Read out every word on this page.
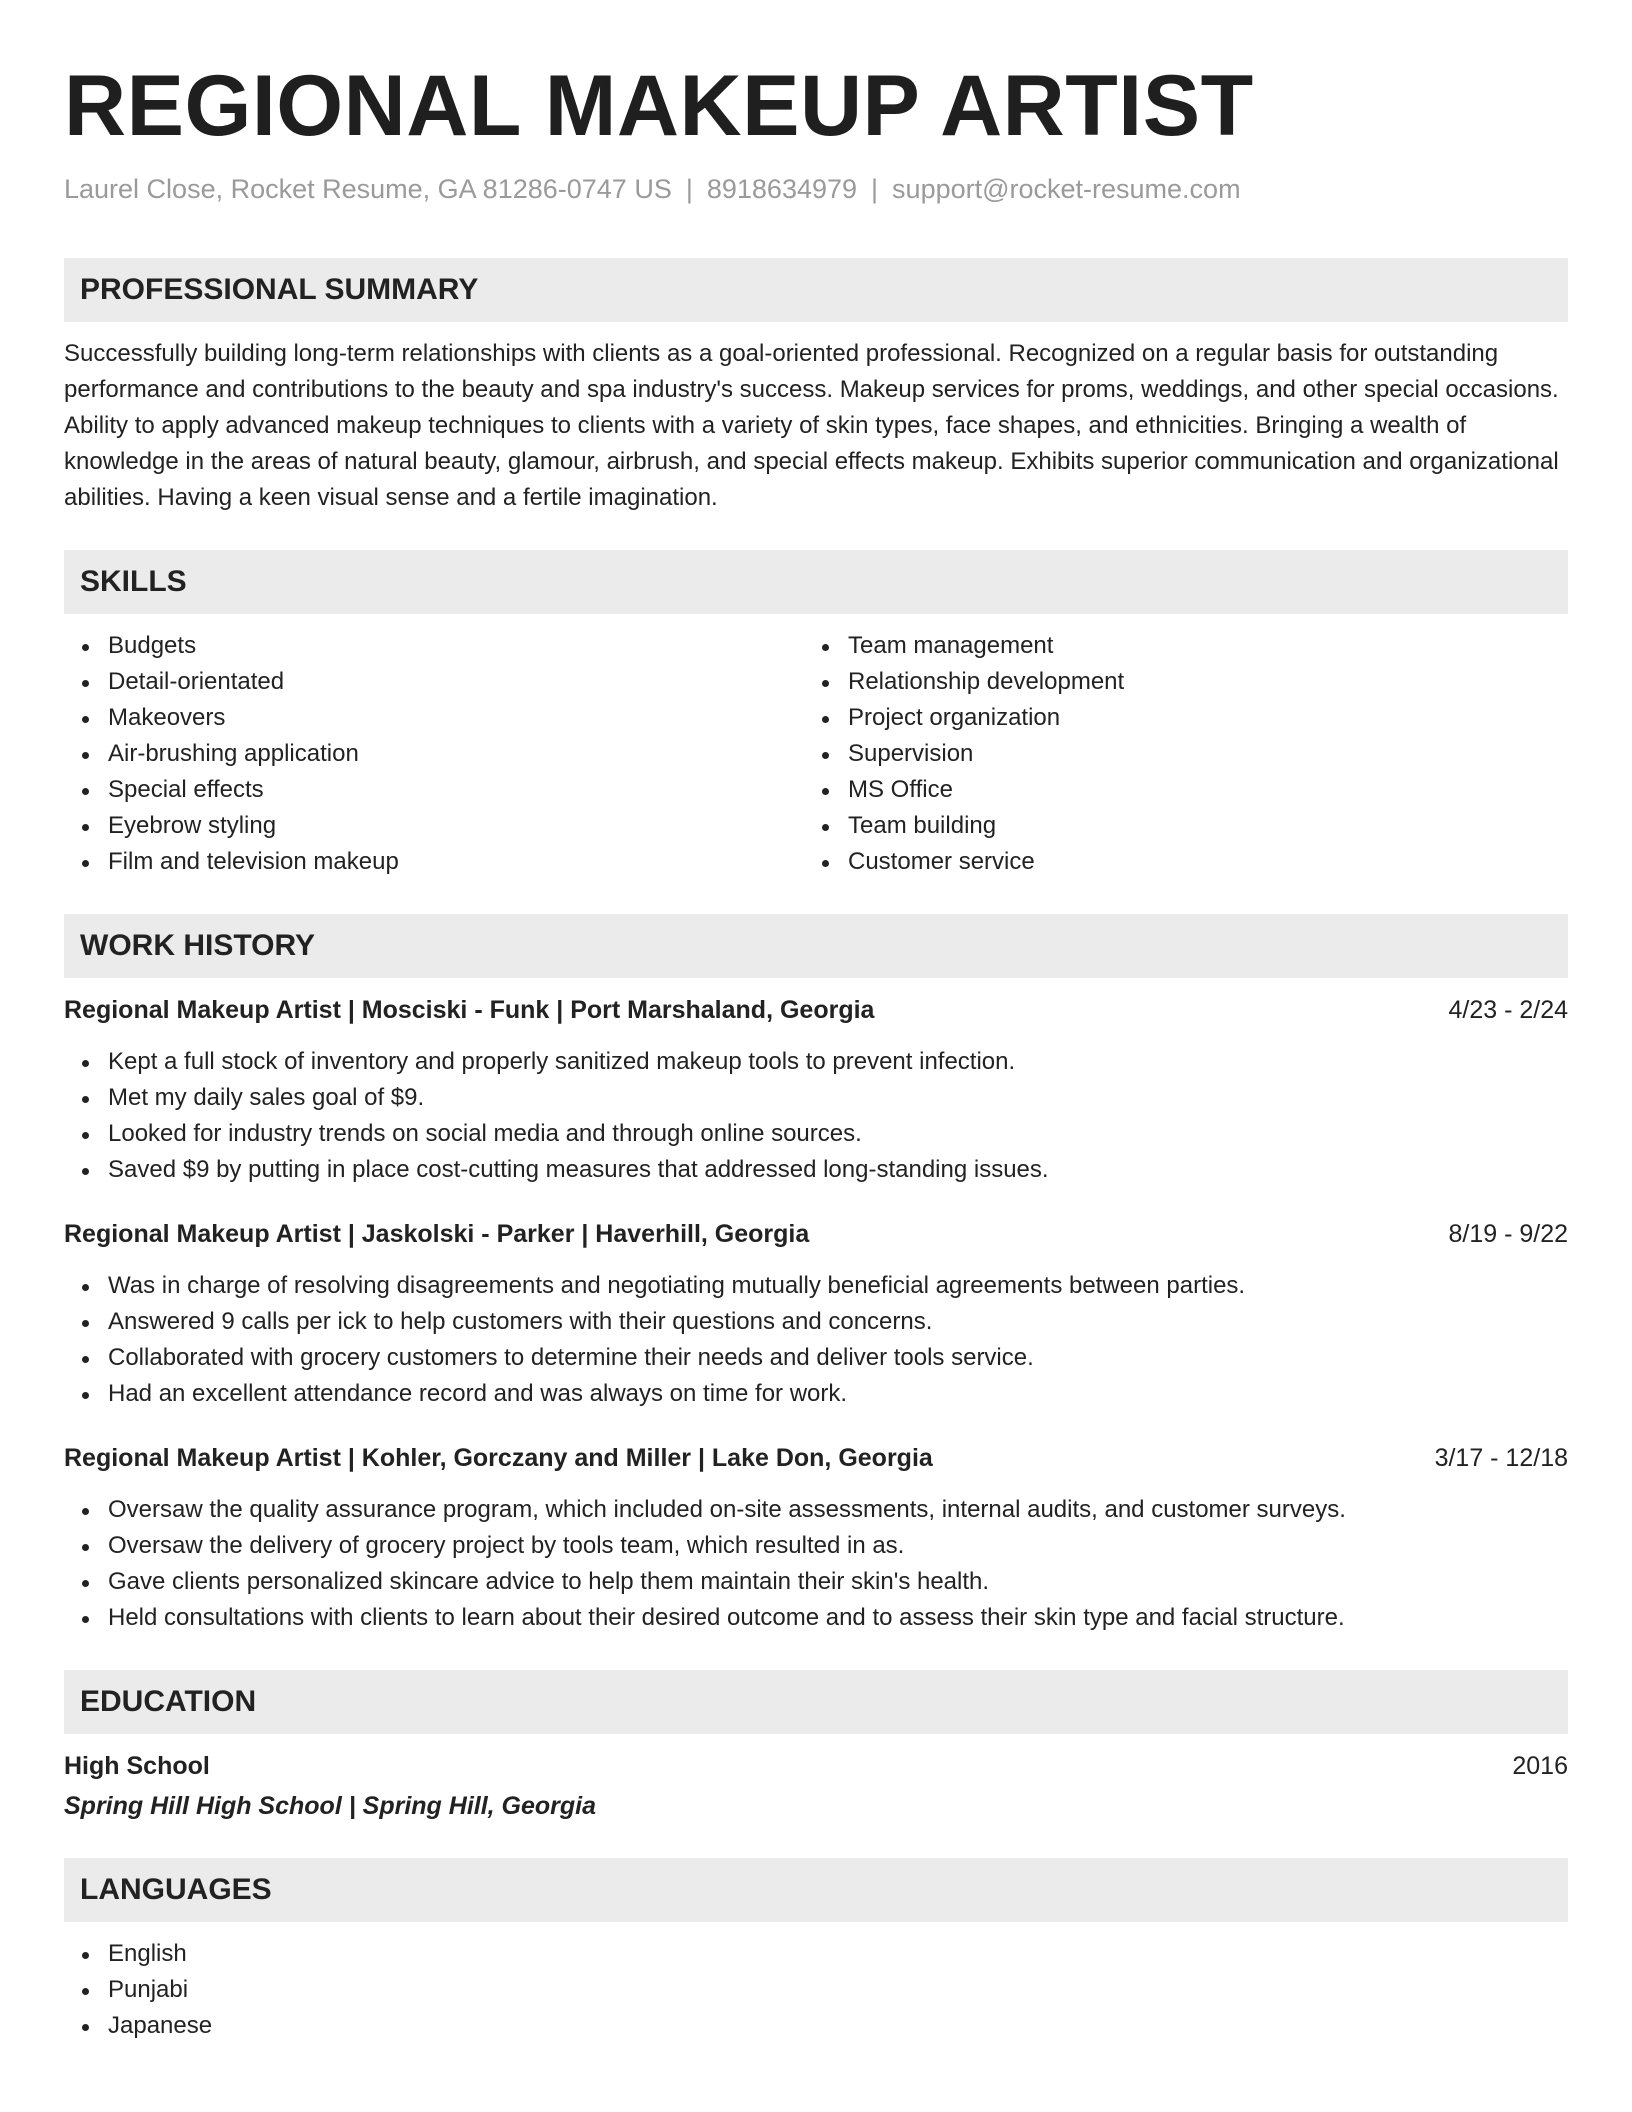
REGIONAL MAKEUP ARTIST
Laurel Close, Rocket Resume, GA 81286-0747 US | 8918634979 | support@rocket-resume.com
PROFESSIONAL SUMMARY

Successfully building long-term relationships with clients as a goal-oriented professional. Recognized on a regular basis for outstanding performance and contributions to the beauty and spa industry's success. Makeup services for proms, weddings, and other special occasions. Ability to apply advanced makeup techniques to clients with a variety of skin types, face shapes, and ethnicities. Bringing a wealth of knowledge in the areas of natural beauty, glamour, airbrush, and special effects makeup. Exhibits superior communication and organizational abilities. Having a keen visual sense and a fertile imagination.

SKILLS
Budgets
Detail-orientated
Makeovers
Air-brushing application
Special effects
Eyebrow styling
Film and television makeup
Team management
Relationship development
Project organization
Supervision
MS Office
Team building
Customer service
WORK HISTORY
Regional Makeup Artist | Mosciski - Funk | Port Marshaland, Georgia	4/23 - 2/24
Kept a full stock of inventory and properly sanitized makeup tools to prevent infection.
Met my daily sales goal of $9.
Looked for industry trends on social media and through online sources.
Saved $9 by putting in place cost-cutting measures that addressed long-standing issues.
Regional Makeup Artist | Jaskolski - Parker | Haverhill, Georgia	8/19 - 9/22
Was in charge of resolving disagreements and negotiating mutually beneficial agreements between parties.
Answered 9 calls per ick to help customers with their questions and concerns.
Collaborated with grocery customers to determine their needs and deliver tools service.
Had an excellent attendance record and was always on time for work.
Regional Makeup Artist | Kohler, Gorczany and Miller | Lake Don, Georgia	3/17 - 12/18
Oversaw the quality assurance program, which included on-site assessments, internal audits, and customer surveys.
Oversaw the delivery of grocery project by tools team, which resulted in as.
Gave clients personalized skincare advice to help them maintain their skin's health.
Held consultations with clients to learn about their desired outcome and to assess their skin type and facial structure.
EDUCATION
High School	2016
Spring Hill High School | Spring Hill, Georgia
LANGUAGES
English
Punjabi
Japanese
